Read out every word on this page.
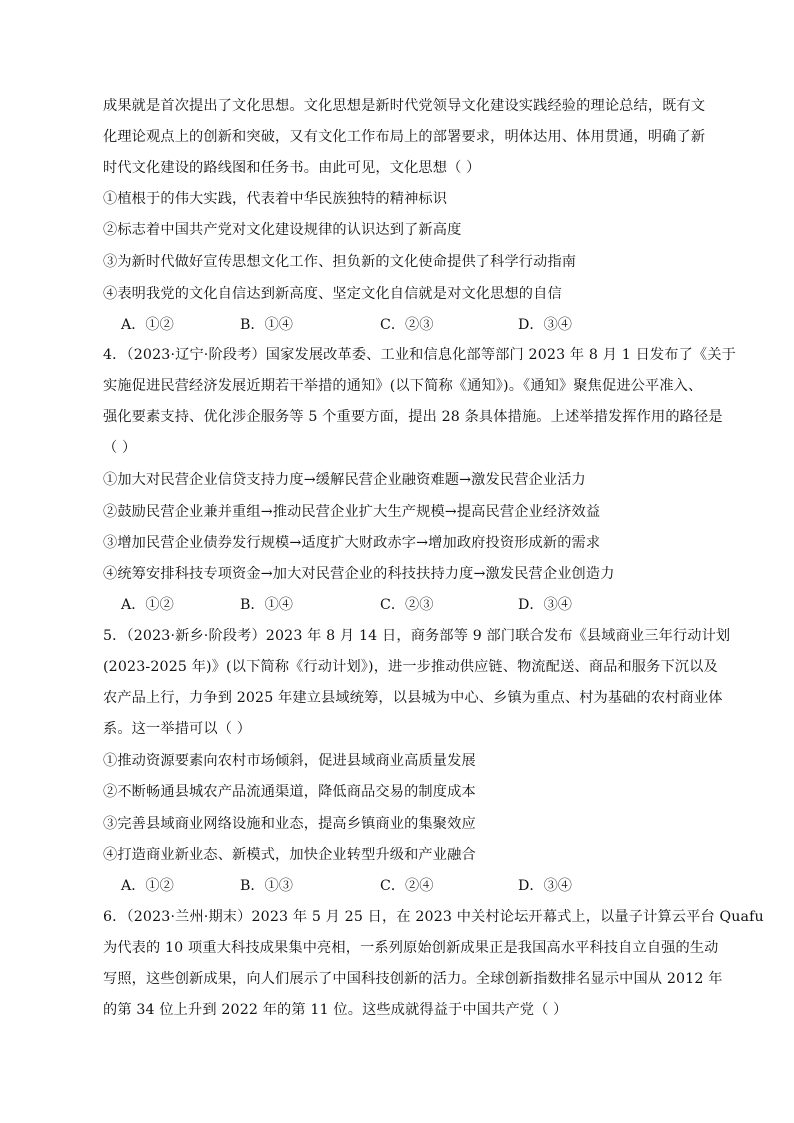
成果就是首次提出了文化思想。文化思想是新时代党领导文化建设实践经验的理论总结，既有文
化理论观点上的创新和突破，又有文化工作布局上的部署要求，明体达用、体用贯通，明确了新
时代文化建设的路线图和任务书。由此可见，文化思想（ ）
①植根于的伟大实践，代表着中华民族独特的精神标识
②标志着中国共产党对文化建设规律的认识达到了新高度
③为新时代做好宣传思想文化工作、担负新的文化使命提供了科学行动指南
④表明我党的文化自信达到新高度、坚定文化自信就是对文化思想的自信
A．①②	B．①④	C．②③	D．③④
4．（2023·辽宁·阶段考）国家发展改革委、工业和信息化部等部门 2023 年 8 月 1 日发布了《关于
实施促进民营经济发展近期若干举措的通知》(以下简称《通知》)。《通知》聚焦促进公平准入、
强化要素支持、优化涉企服务等 5 个重要方面，提出 28 条具体措施。上述举措发挥作用的路径是
（ ）
①加大对民营企业信贷支持力度→缓解民营企业融资难题→激发民营企业活力
②鼓励民营企业兼并重组→推动民营企业扩大生产规模→提高民营企业经济效益
③增加民营企业债券发行规模→适度扩大财政赤字→增加政府投资形成新的需求
④统筹安排科技专项资金→加大对民营企业的科技扶持力度→激发民营企业创造力
A．①②	B．①④	C．②③	D．③④
5．（2023·新乡·阶段考）2023 年 8 月 14 日，商务部等 9 部门联合发布《县域商业三年行动计划
(2023-2025 年)》(以下简称《行动计划》)，进一步推动供应链、物流配送、商品和服务下沉以及
农产品上行，力争到 2025 年建立县域统筹，以县城为中心、乡镇为重点、村为基础的农村商业体
系。这一举措可以（ ）
①推动资源要素向农村市场倾斜，促进县域商业高质量发展
②不断畅通县城农产品流通渠道，降低商品交易的制度成本
③完善县域商业网络设施和业态，提高乡镇商业的集聚效应
④打造商业新业态、新模式，加快企业转型升级和产业融合
A．①②	B．①③	C．②④	D．③④
6．（2023·兰州·期末）2023 年 5 月 25 日，在 2023 中关村论坛开幕式上，以量子计算云平台 Quafu
为代表的 10 项重大科技成果集中亮相，一系列原始创新成果正是我国高水平科技自立自强的生动
写照，这些创新成果，向人们展示了中国科技创新的活力。全球创新指数排名显示中国从 2012 年
的第 34 位上升到 2022 年的第 11 位。这些成就得益于中国共产党（ ）
